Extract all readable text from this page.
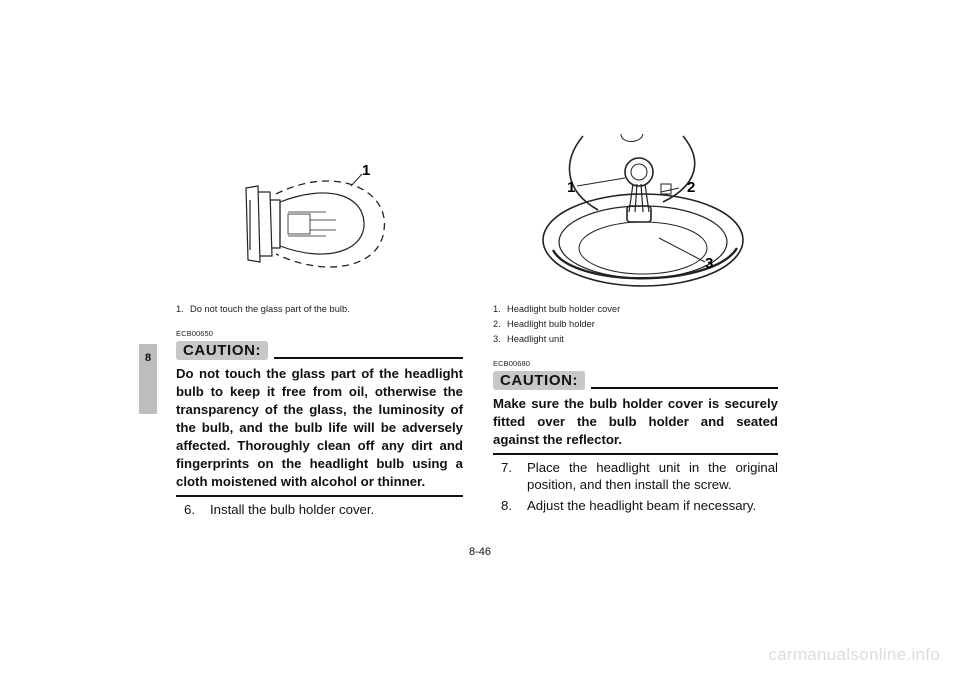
8
1
1. Do not touch the glass part of the bulb.
ECB00650
CAUTION:
Do not touch the glass part of the headlight bulb to keep it free from oil, otherwise the transparency of the glass, the luminosity of the bulb, and the bulb life will be adversely affected. Thoroughly clean off any dirt and fingerprints on the headlight bulb using a cloth moistened with alcohol or thinner.
6.	Install the bulb holder cover.
1	2
3
1. Headlight bulb holder cover
2. Headlight bulb holder
3. Headlight unit
ECB00680
CAUTION:
Make sure the bulb holder cover is securely fitted over the bulb holder and seated against the reflector.
7.	Place the headlight unit in the original position, and then install the screw.
8.	Adjust the headlight beam if necessary.
8-46
carmanualsonline.info
